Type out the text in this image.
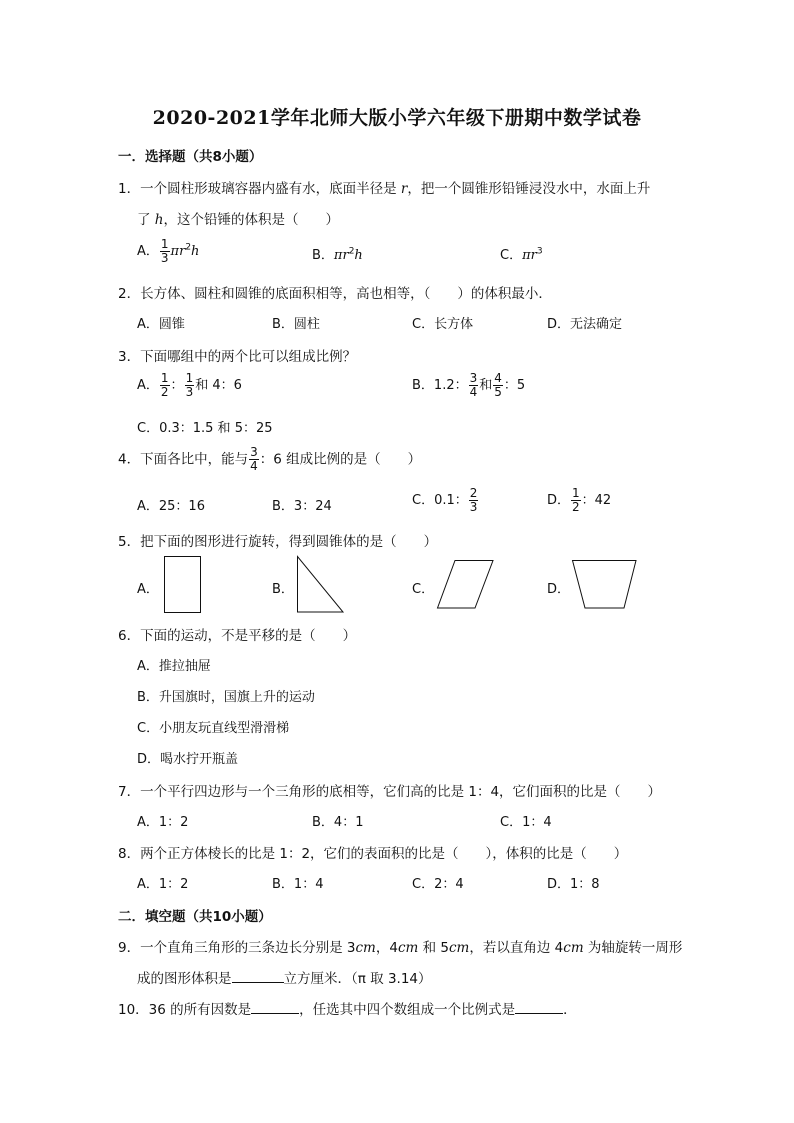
2020-2021学年北师大版小学六年级下册期中数学试卷
一．选择题（共8小题）
1．一个圆柱形玻璃容器内盛有水，底面半径是 r，把一个圆锥形铅锤浸没水中，水面上升
了 h，这个铅锤的体积是（　　）
A． $\frac{1}{3} \pi r^2h$	B．$\pi r^2h$	C．$\pi r^3$
2．长方体、圆柱和圆锥的底面积相等，高也相等，（　　）的体积最小．
A．圆锥	B．圆柱	C．长方体	D．无法确定
3．下面哪组中的两个比可以组成比例？
A． $\frac{1}{2}$ ： $\frac{1}{3}$ 和 4：6	B．1.2： $\frac{3}{4}$ 和 $\frac{4}{5}$ ：5
C．0.3：1.5 和 5：25
4．下面各比中，能与 $\frac{3}{4}$ ：6 组成比例的是（　　）
A．25：16	B．3：24	C．0.1： $\frac{2}{3}$	D． $\frac{1}{2}$ ：42
5．把下面的图形进行旋转，得到圆锥体的是（　　）
A．	B．	C．	D．
6．下面的运动，不是平移的是（　　）
A．推拉抽屉
B．升国旗时，国旗上升的运动
C．小朋友玩直线型滑滑梯
D．喝水拧开瓶盖
7．一个平行四边形与一个三角形的底相等，它们高的比是 1：4，它们面积的比是（　　）
A．1：2	B．4：1	C．1：4
8．两个正方体棱长的比是 1：2，它们的表面积的比是（　　），体积的比是（　　）
A．1：2	B．1：4	C．2：4	D．1：8
二．填空题（共10小题）
9．一个直角三角形的三条边长分别是 3cm，4cm 和 5cm，若以直角边 4cm 为轴旋转一周形
成的图形体积是	立方厘米．（π 取 3.14）
10．36 的所有因数是	，任选其中四个数组成一个比例式是	．
